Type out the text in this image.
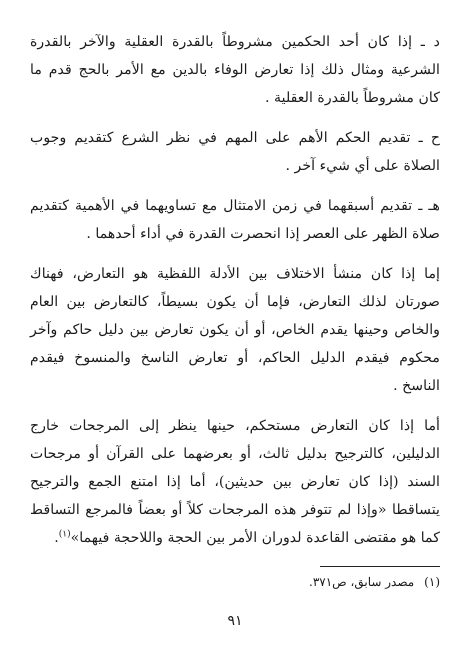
د ـ إذا كان أحد الحكمين مشروطاً بالقدرة العقلية والآخر بالقدرة الشرعية ومثال ذلك إذا تعارض الوفاء بالدين مع الأمر بالحج قدم ما كان مشروطاً بالقدرة العقلية .

ح ـ تقديم الحكم الأهم على المهم في نظر الشرع كتقديم وجوب الصلاة على أي شيء آخر .

هـ ـ تقديم أسبقهما في زمن الامتثال مع تساويهما في الأهمية كتقديم صلاة الظهر على العصر إذا انحصرت القدرة في أداء أحدهما .

إما إذا كان منشأ الاختلاف بين الأدلة اللفظية هو التعارض، فهناك صورتان لذلك التعارض، فإما أن يكون بسيطاً، كالتعارض بين العام والخاص وحينها يقدم الخاص، أو أن يكون تعارض بين دليل حاكم وآخر محكوم فيقدم الدليل الحاكم، أو تعارض الناسخ والمنسوخ فيقدم الناسخ .

أما إذا كان التعارض مستحكم، حينها ينظر إلى المرجحات خارج الدليلين، كالترجيح بدليل ثالث، أو بعرضهما على القرآن أو مرجحات السند (إذا كان تعارض بين حديثين)، أما إذا امتنع الجمع والترجيح يتساقطا «وإذا لم تتوفر هذه المرجحات كلاً أو بعضاً فالمرجع التساقط كما هو مقتضى القاعدة لدوران الأمر بين الحجة واللاحجة فيهما»$^{(١)}$.

(١)مصدر سابق، ص٣٧١.
٩١
